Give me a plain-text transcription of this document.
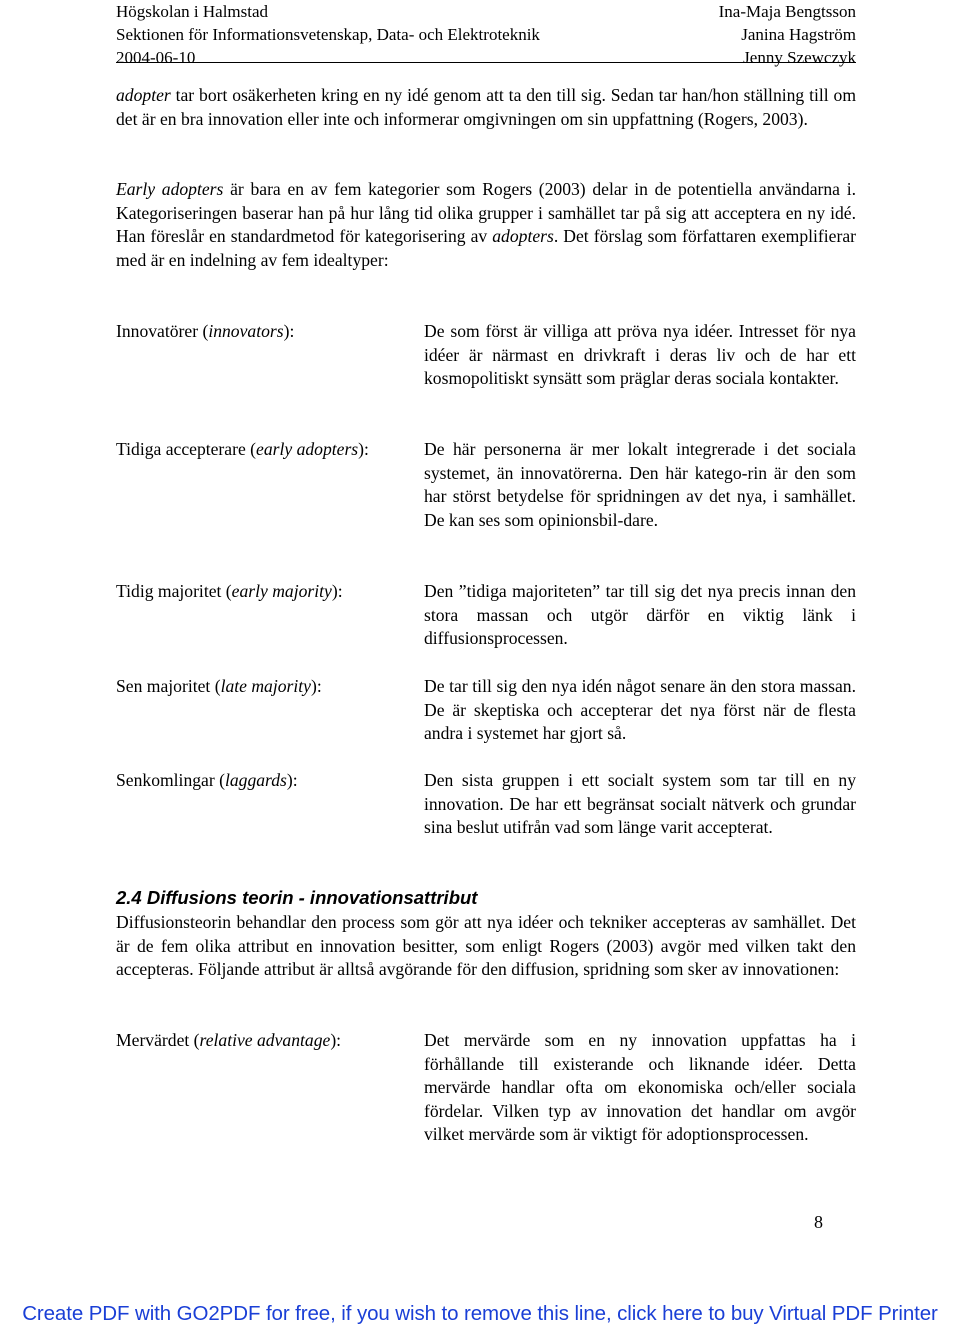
Högskolan i Halmstad
Sektionen för Informationsvetenskap, Data- och Elektroteknik
2004-06-10
Ina-Maja Bengtsson
Janina Hagström
Jenny Szewczyk

adopter tar bort osäkerheten kring en ny idé genom att ta den till sig. Sedan tar han/hon ställning till om det är en bra innovation eller inte och informerar omgivningen om sin uppfattning (Rogers, 2003).

Early adopters är bara en av fem kategorier som Rogers (2003) delar in de potentiella användarna i. Kategoriseringen baserar han på hur lång tid olika grupper i samhället tar på sig att acceptera en ny idé. Han föreslår en standardmetod för kategorisering av adopters. Det förslag som författaren exemplifierar med är en indelning av fem idealtyper:

Innovatörer (innovators):	De som först är villiga att pröva nya idéer. Intresset för nya idéer är närmast en drivkraft i deras liv och de har ett kosmopolitiskt synsätt som präglar deras sociala kontakter.
Tidiga accepterare (early adopters):	De här personerna är mer lokalt integrerade i det sociala systemet, än innovatörerna. Den här katego-rin är den som har störst betydelse för spridningen av det nya, i samhället. De kan ses som opinionsbil-dare.
Tidig majoritet (early majority):	Den ”tidiga majoriteten” tar till sig det nya precis innan den stora massan och utgör därför en viktig länk i diffusionsprocessen.
Sen majoritet (late majority):	De tar till sig den nya idén något senare än den stora massan. De är skeptiska och accepterar det nya först när de flesta andra i systemet har gjort så.
Senkomlingar (laggards):	Den sista gruppen i ett socialt system som tar till en ny innovation. De har ett begränsat socialt nätverk och grundar sina beslut utifrån vad som länge varit accepterat.
2.4 Diffusions teorin - innovationsattribut

Diffusionsteorin behandlar den process som gör att nya idéer och tekniker accepteras av samhället. Det är de fem olika attribut en innovation besitter, som enligt Rogers (2003) avgör med vilken takt den accepteras. Följande attribut är alltså avgörande för den diffusion, spridning som sker av innovationen:

Mervärdet (relative advantage):	Det mervärde som en ny innovation uppfattas ha i förhållande till existerande och liknande idéer. Detta mervärde handlar ofta om ekonomiska och/eller sociala fördelar. Vilken typ av innovation det handlar om avgör vilket mervärde som är viktigt för adoptionsprocessen.
8
Create PDF with GO2PDF for free, if you wish to remove this line, click here to buy Virtual PDF Printer
